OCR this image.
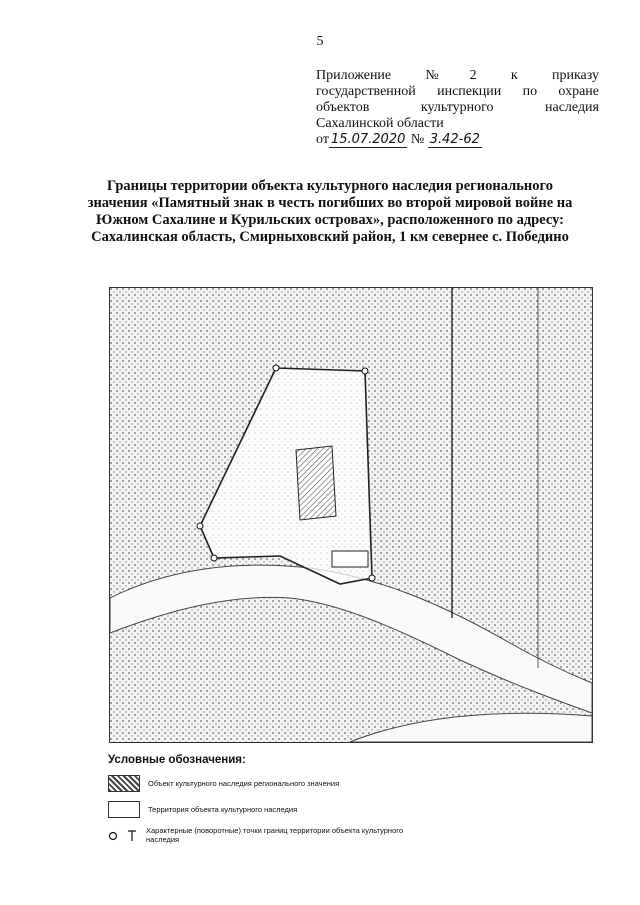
5
Приложение №2 к приказу
государственной инспекции по охране
объектов культурного наследия
Сахалинской области
от 15.07.2020 № 3.42-62
Границы территории объекта культурного наследия регионального значения «Памятный знак в честь погибших во второй мировой войне на Южном Сахалине и Курильских островах», расположенного по адресу: Сахалинская область, Смирныховский район, 1 км севернее с. Победино
Условные обозначения:
Объект культурного наследия регионального значения
Территория объекта культурного наследия
Характерные (поворотные) точки границ территории объекта культурного наследия
